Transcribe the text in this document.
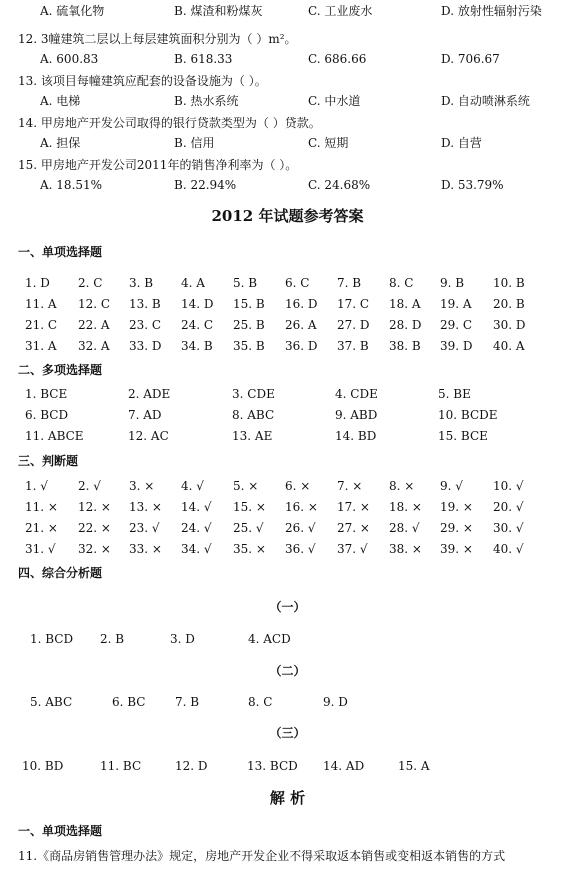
A. 硫氧化物	B. 煤渣和粉煤灰	C. 工业废水	D. 放射性辐射污染
12. 3幢建筑二层以上每层建筑面积分别为（ ）m²。
A. 600.83	B. 618.33	C. 686.66	D. 706.67
13. 该项目每幢建筑应配套的设备设施为（ ）。
A. 电梯	B. 热水系统	C. 中水道	D. 自动喷淋系统
14. 甲房地产开发公司取得的银行贷款类型为（ ）贷款。
A. 担保	B. 信用	C. 短期	D. 自营
15. 甲房地产开发公司2011年的销售净利率为（ ）。
A. 18.51%	B. 22.94%	C. 24.68%	D. 53.79%
2012 年试题参考答案
一、单项选择题
1. D 2. C 3. B 4. A 5. B 6. C 7. B 8. C 9. B 10. B
11. A 12. C 13. B 14. D 15. B 16. D 17. C 18. A 19. A 20. B
21. C 22. A 23. C 24. C 25. B 26. A 27. D 28. D 29. C 30. D
31. A 32. A 33. D 34. B 35. B 36. D 37. B 38. B 39. D 40. A
二、多项选择题
1. BCE	2. ADE	3. CDE	4. CDE	5. BE
6. BCD	7. AD	8. ABC	9. ABD	10. BCDE
11. ABCE	12. AC	13. AE	14. BD	15. BCE
三、判断题
1. √	2. √ 3. × 4. √ 5. × 6. × 7. × 8. × 9. √	10. √
11. × 12. × 13. × 14. √ 15. × 16. × 17. × 18. × 19. × 20. √
21. × 22. × 23. √ 24. √ 25. √ 26. √ 27. × 28. √ 29. × 30. √
31. √ 32. × 33. × 34. √ 35. × 36. √ 37. √ 38. × 39. × 40. √
四、综合分析题
（一）
1. BCD 2. B	3. D	4. ACD
（二）
5. ABC	6. BC 7. B	8. C	9. D
（三）
10. BD	11. BC	12. D	13. BCD 14. AD	15. A
解 析
一、单项选择题
11.《商品房销售管理办法》规定，房地产开发企业不得采取返本销售或变相返本销售的方式
